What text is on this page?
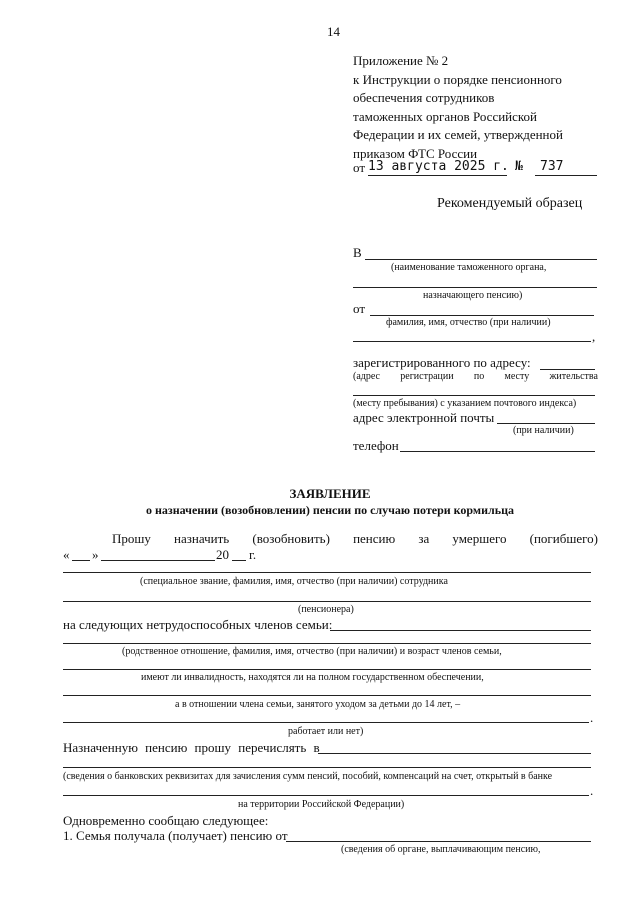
14
Приложение № 2
к Инструкции о порядке пенсионного
обеспечения сотрудников
таможенных органов Российской
Федерации и их семей, утвержденной
приказом ФТС России
от 13 августа 2025 г. № 737
Рекомендуемый образец
В
(наименование таможенного органа,
назначающего пенсию)
от
фамилия, имя, отчество (при наличии)
,
зарегистрированного по адресу:
(адрес регистрации по месту жительства
(месту пребывания) с указанием почтового индекса)
адрес электронной почты
(при наличии)
телефон
ЗАЯВЛЕНИЕ
о назначении (возобновлении) пенсии по случаю потери кормильца
Прошу назначить (возобновить) пенсию за умершего (погибшего)
« »	20 г.
(специальное звание, фамилия, имя, отчество (при наличии) сотрудника
(пенсионера)
на следующих нетрудоспособных членов семьи:
(родственное отношение, фамилия, имя, отчество (при наличии) и возраст членов семьи,
имеют ли инвалидность, находятся ли на полном государственном обеспечении,
а в отношении члена семьи, занятого уходом за детьми до 14 лет, –
.
работает или нет)
Назначенную пенсию прошу перечислять в
(сведения о банковских реквизитах для зачисления сумм пенсий, пособий, компенсаций на счет, открытый в банке
.
на территории Российской Федерации)
Одновременно сообщаю следующее:
1. Семья получала (получает) пенсию от
(сведения об органе, выплачивающим пенсию,
